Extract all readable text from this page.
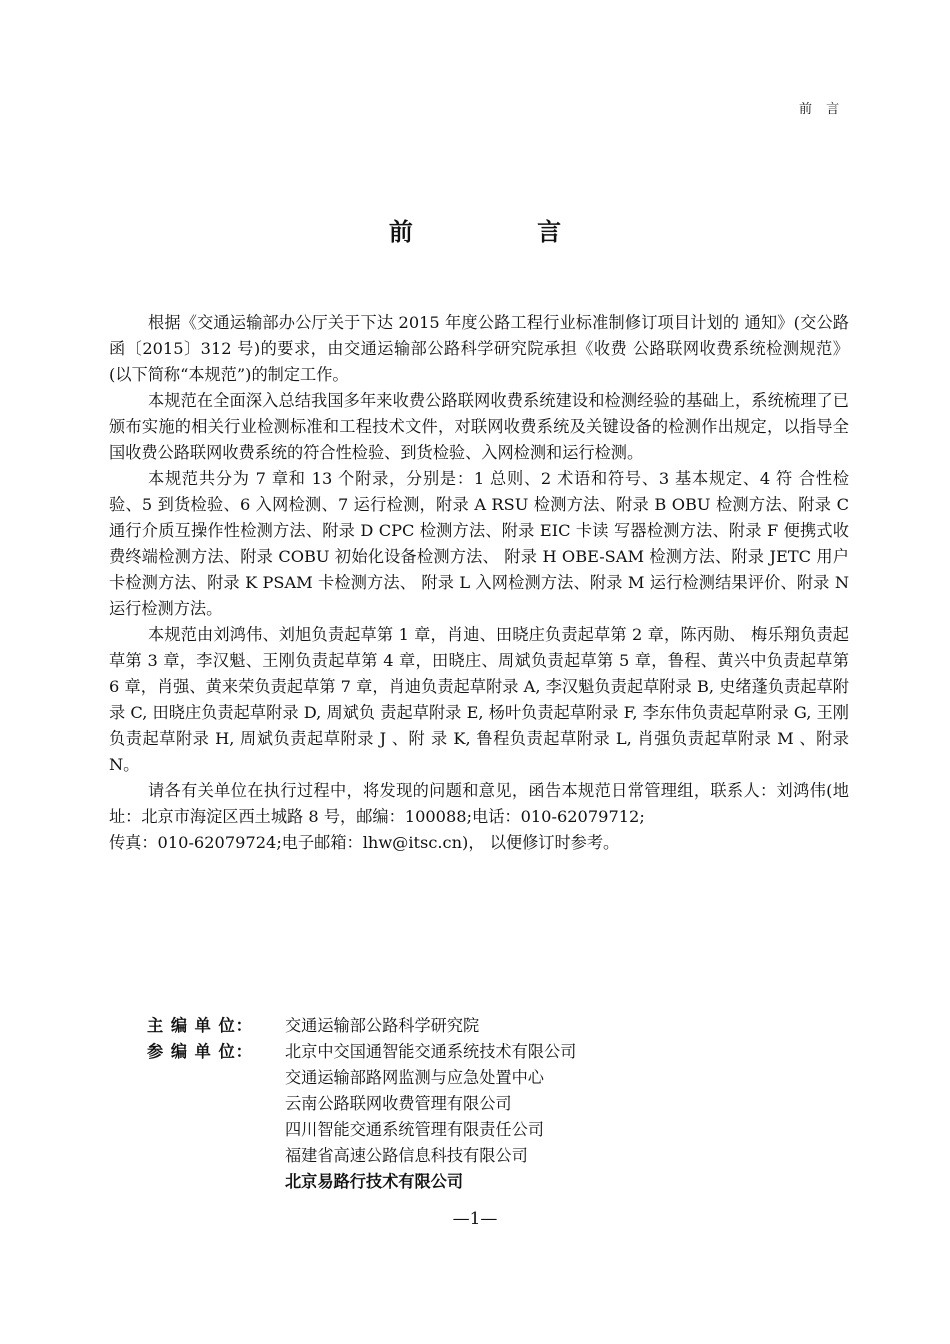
前 言
前 言

根据《交通运输部办公厅关于下达 2015 年度公路工程行业标准制修订项目计划的 通知》(交公路函〔2015〕312 号)的要求，由交通运输部公路科学研究院承担《收费 公路联网收费系统检测规范》(以下简称“本规范”)的制定工作。

本规范在全面深入总结我国多年来收费公路联网收费系统建设和检测经验的基础上，系统梳理了已颁布实施的相关行业检测标准和工程技术文件，对联网收费系统及关键设备的检测作出规定，以指导全国收费公路联网收费系统的符合性检验、到货检验、入网检测和运行检测。

本规范共分为 7 章和 13 个附录，分别是：1 总则、2 术语和符号、3 基本规定、4 符 合性检验、5 到货检验、6 入网检测、7 运行检测，附录 A RSU 检测方法、附录 B OBU 检测方法、附录 C 通行介质互操作性检测方法、附录 D CPC 检测方法、附录 EIC 卡读 写器检测方法、附录 F 便携式收费终端检测方法、附录 COBU 初始化设备检测方法、 附录 H OBE-SAM 检测方法、附录 JETC 用户卡检测方法、附录 K PSAM 卡检测方法、 附录 L 入网检测方法、附录 M 运行检测结果评价、附录 N 运行检测方法。

本规范由刘鸿伟、刘旭负责起草第 1 章，肖迪、田晓庄负责起草第 2 章，陈丙勋、 梅乐翔负责起草第 3 章，李汉魁、王刚负责起草第 4 章，田晓庄、周斌负责起草第 5 章，鲁程、黄兴中负责起草第 6 章，肖强、黄来荣负责起草第 7 章，肖迪负责起草附录 A, 李汉魁负责起草附录 B, 史绪蓬负责起草附录 C, 田晓庄负责起草附录 D, 周斌负 责起草附录 E, 杨叶负责起草附录 F, 李东伟负责起草附录 G, 王刚负责起草附录 H, 周斌负责起草附录 J 、附 录 K, 鲁程负责起草附录 L, 肖强负责起草附录 M 、附录 N。

请各有关单位在执行过程中，将发现的问题和意见，函告本规范日常管理组，联系人：刘鸿伟(地址：北京市海淀区西土城路 8 号，邮编：100088;电话：010-62079712;

传真：010-62079724;电子邮箱：lhw@itsc.cn)， 以便修订时参考。

主 编 单 位：	交通运输部公路科学研究院
参 编 单 位：	北京中交国通智能交通系统技术有限公司
交通运输部路网监测与应急处置中心
云南公路联网收费管理有限公司
四川智能交通系统管理有限责任公司
福建省高速公路信息科技有限公司
北京易路行技术有限公司
—1—
